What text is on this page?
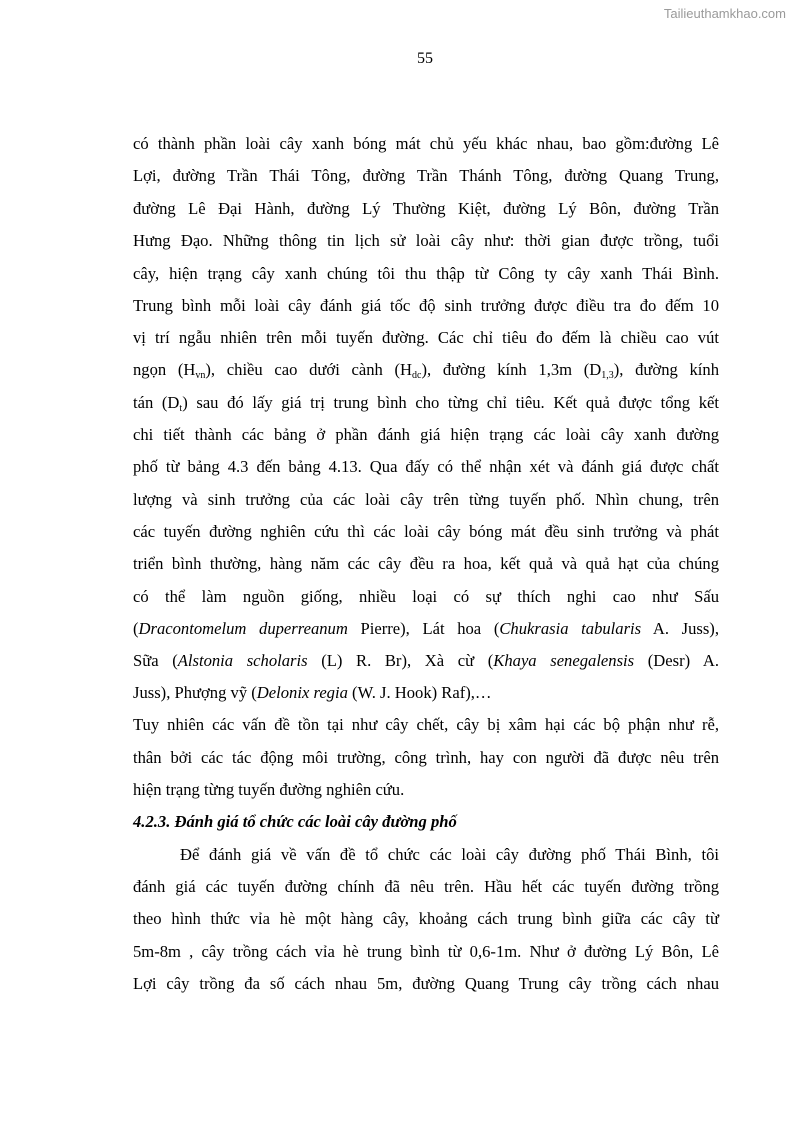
Tailieuthamkhao.com
55
có thành phần loài cây xanh bóng mát chủ yếu khác nhau, bao gồm:đường Lê
Lợi, đường Trần Thái Tông, đường Trần Thánh Tông, đường Quang Trung,
đường Lê Đại Hành, đường Lý Thường Kiệt, đường Lý Bôn, đường Trần
Hưng Đạo. Những thông tin lịch sử loài cây như: thời gian được trồng, tuổi
cây, hiện trạng cây xanh chúng tôi thu thập từ Công ty cây xanh Thái Bình.
Trung bình mỗi loài cây đánh giá tốc độ sinh trưởng được điều tra đo đếm 10
vị trí ngẫu nhiên trên mỗi tuyến đường. Các chỉ tiêu đo đếm là chiều cao vút
ngọn $(H_{vn})$, chiều cao dưới cành $(H_{dc})$, đường kính 1,3m $(D_{1,3})$, đường kính
tán $(D_t)$ sau đó lấy giá trị trung bình cho từng chỉ tiêu. Kết quả được tổng kết
chi tiết thành các bảng ở phần đánh giá hiện trạng các loài cây xanh đường
phố từ bảng 4.3 đến bảng 4.13. Qua đấy có thể nhận xét và đánh giá được chất
lượng và sinh trưởng của các loài cây trên từng tuyến phố. Nhìn chung, trên
các tuyến đường nghiên cứu thì các loài cây bóng mát đều sinh trưởng và phát
triển bình thường, hàng năm các cây đều ra hoa, kết quả và quả hạt của chúng
có thể làm nguồn giống, nhiều loại có sự thích nghi cao như Sấu
(Dracontomelum duperreanum Pierre), Lát hoa (Chukrasia tabularis A. Juss),
Sữa (Alstonia scholaris (L) R. Br), Xà cừ (Khaya senegalensis (Desr) A.
Juss), Phượng vỹ (Delonix regia (W. J. Hook) Raf),…
Tuy nhiên các vấn đề tồn tại như cây chết, cây bị xâm hại các bộ phận như rễ,
thân bởi các tác động môi trường, công trình, hay con người đã được nêu trên
hiện trạng từng tuyến đường nghiên cứu.
4.2.3. Đánh giá tổ chức các loài cây đường phố
Để đánh giá về vấn đề tổ chức các loài cây đường phố Thái Bình, tôi
đánh giá các tuyến đường chính đã nêu trên. Hầu hết các tuyến đường trồng
theo hình thức vỉa hè một hàng cây, khoảng cách trung bình giữa các cây từ
5m-8m , cây trồng cách vỉa hè trung bình từ 0,6-1m. Như ở đường Lý Bôn, Lê
Lợi cây trồng đa số cách nhau 5m, đường Quang Trung cây trồng cách nhau
